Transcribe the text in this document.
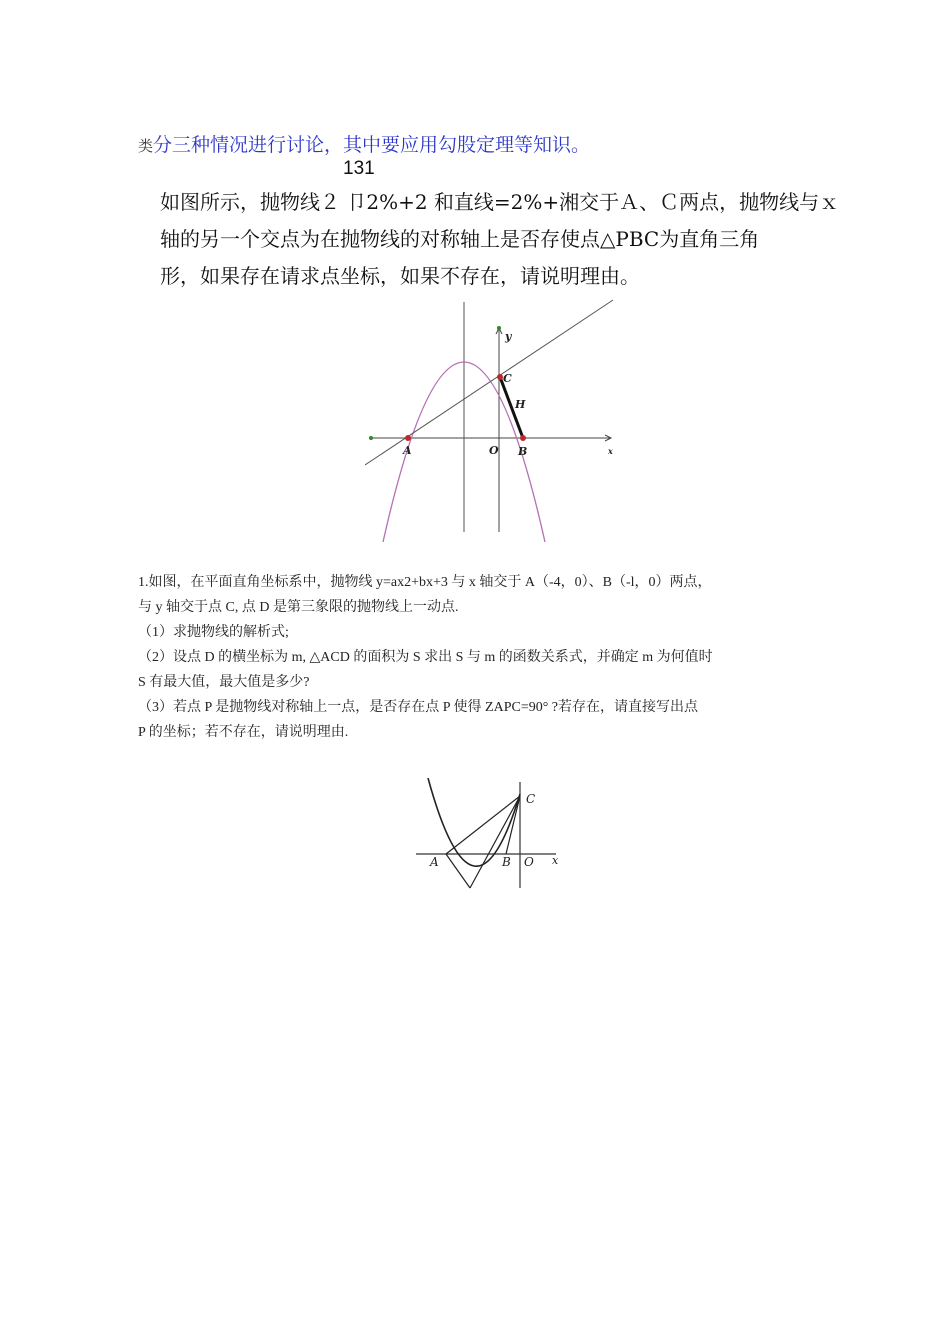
类分三种情况进行讨论，其中要应用勾股定理等知识。
131
如图所示，抛物线２ 卩2%+2 和直线=2%+湘交于Ａ、Ｃ两点，抛物线与ｘ
轴的另一个交点为在抛物线的对称轴上是否存使点△PBC为直角三角
形，如果存在请求点坐标，如果不存在，请说明理由。
y
C
H
A	O B	x
1.如图，在平面直角坐标系中，抛物线 y=ax2+bx+3 与 x 轴交于 A（-4，0）、B（-l，0）两点，
与 y 轴交于点 C, 点 D 是第三象限的抛物线上一动点.
（1）求抛物线的解析式;
（2）设点 D 的横坐标为 m, △ACD 的面积为 S 求出 S 与 m 的函数关系式，并确定 m 为何值时
S 有最大值，最大值是多少?
（3）若点 P 是抛物线对称轴上一点，是否存在点 P 使得 ZAPC=90° ?若存在，请直接写出点
P 的坐标；若不存在，请说明理由.
C
A	B O x
